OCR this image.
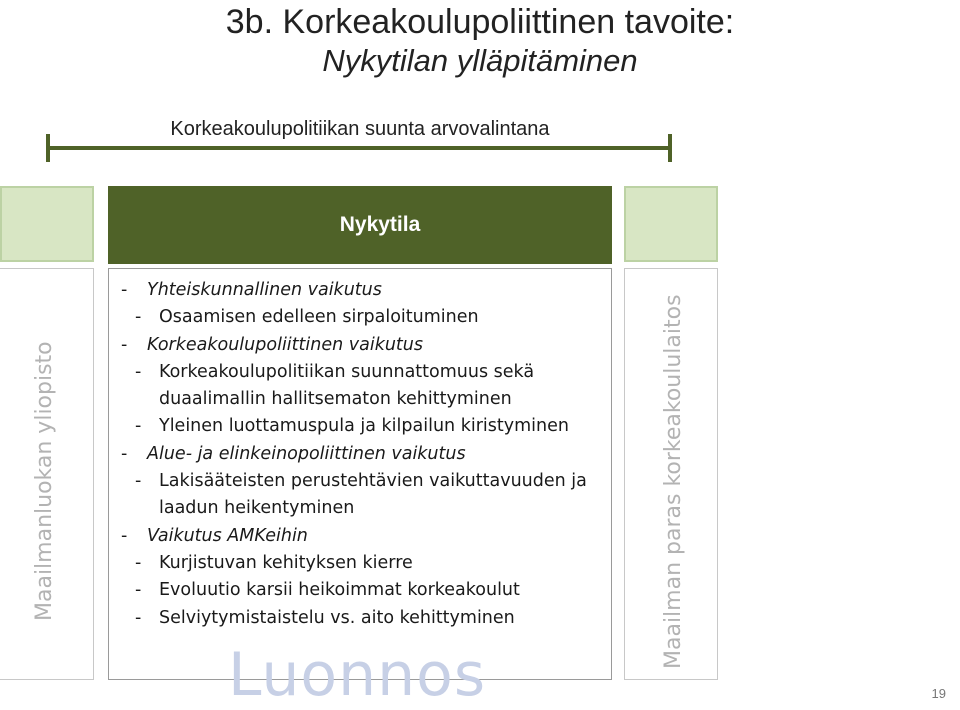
3b. Korkeakoulupoliittinen tavoite:
Nykytilan ylläpitäminen
Korkeakoulupolitiikan suunta arvovalintana
Maailmanluokan yliopisto	Maailman paras korkeakoululaitos
Nykytila
- Yhteiskunnallinen vaikutus
- Osaamisen edelleen sirpaloituminen
- Korkeakoulupoliittinen vaikutus
- Korkeakoulupolitiikan suunnattomuus sekä duaalimallin hallitsematon kehittyminen
- Yleinen luottamuspula ja kilpailun kiristyminen
- Alue- ja elinkeinopoliittinen vaikutus
- Lakisääteisten perustehtävien vaikuttavuuden ja laadun heikentyminen
- Vaikutus AMKeihin
- Kurjistuvan kehityksen kierre
- Evoluutio karsii heikoimmat korkeakoulut
- Selviytymistaistelu vs. aito kehittyminen
Luonnos	19
